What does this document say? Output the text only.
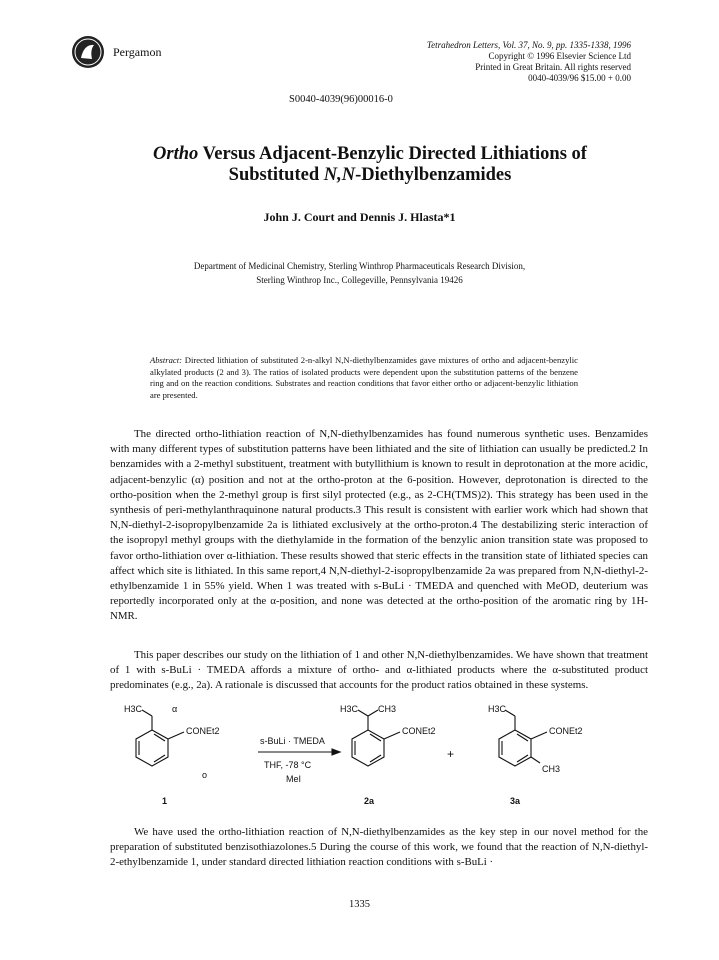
Pergamon	Tetrahedron Letters, Vol. 37, No. 9, pp. 1335-1338, 1996
Copyright © 1996 Elsevier Science Ltd
Printed in Great Britain. All rights reserved
0040-4039/96 $15.00 + 0.00
S0040-4039(96)00016-0
Ortho Versus Adjacent-Benzylic Directed Lithiations of
Substituted N,N-Diethylbenzamides
John J. Court and Dennis J. Hlasta*1
Department of Medicinal Chemistry, Sterling Winthrop Pharmaceuticals Research Division,
Sterling Winthrop Inc., Collegeville, Pennsylvania 19426
Abstract: Directed lithiation of substituted 2-n-alkyl N,N-diethylbenzamides gave mixtures of ortho and adjacent-benzylic alkylated products (2 and 3). The ratios of isolated products were dependent upon the substitution patterns of the benzene ring and on the reaction conditions. Substrates and reaction conditions that favor either ortho or adjacent-benzylic lithiation are presented.
The directed ortho-lithiation reaction of N,N-diethylbenzamides has found numerous synthetic uses. Benzamides with many different types of substitution patterns have been lithiated and the site of lithiation can usually be predicted.2 In benzamides with a 2-methyl substituent, treatment with butyllithium is known to result in deprotonation at the more acidic, adjacent-benzylic (α) position and not at the ortho-proton at the 6-position. However, deprotonation is directed to the ortho-position when the 2-methyl group is first silyl protected (e.g., as 2-CH(TMS)2). This strategy has been used in the synthesis of peri-methylanthraquinone natural products.3 This result is consistent with earlier work which had shown that N,N-diethyl-2-isopropylbenzamide 2a is lithiated exclusively at the ortho-proton.4 The destabilizing steric interaction of the isopropyl methyl groups with the diethylamide in the formation of the benzylic anion transition state was proposed to favor ortho-lithiation over α-lithiation. These results showed that steric effects in the transition state of lithiated species can affect which site is lithiated. In this same report,4 N,N-diethyl-2-isopropylbenzamide 2a was prepared from N,N-diethyl-2-ethylbenzamide 1 in 55% yield. When 1 was treated with s-BuLi · TMEDA and quenched with MeOD, deuterium was reportedly incorporated only at the α-position, and none was detected at the ortho-position of the aromatic ring by 1H-NMR.
This paper describes our study on the lithiation of 1 and other N,N-diethylbenzamides. We have shown that treatment of 1 with s-BuLi · TMEDA affords a mixture of ortho- and α-lithiated products where the α-substituted product predominates (e.g., 2a). A rationale is discussed that accounts for the product ratios obtained in these systems.
H3C	α
CONEt2
o
s-BuLi · TMEDA
THF, -78 °C
MeI
H3C CH3
CONEt2
+
H3C
CONEt2
CH3
1	2a	3a
We have used the ortho-lithiation reaction of N,N-diethylbenzamides as the key step in our novel method for the preparation of substituted benzisothiazolones.5 During the course of this work, we found that the reaction of N,N-diethyl-2-ethylbenzamide 1, under standard directed lithiation reaction conditions with s-BuLi ·
1335
